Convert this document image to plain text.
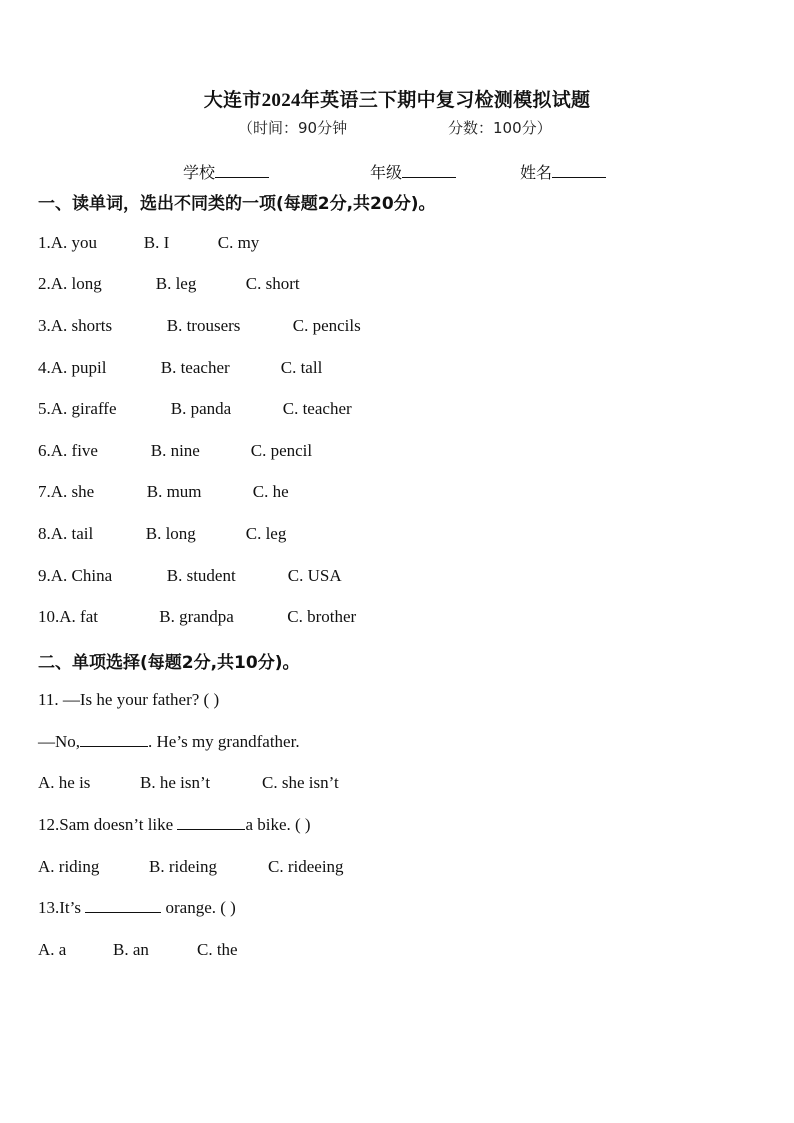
大连市2024年英语三下期中复习检测模拟试题
（时间：90分钟	分数：100分）
学校	年级	姓名
一、读单词，选出不同类的一项(每题2分,共20分)。
1.A. you	B. I	C. my
2.A. long	B. leg	C. short
3.A. shorts	B. trousers	C. pencils
4.A. pupil	B. teacher	C. tall
5.A. giraffe	B. panda	C. teacher
6.A. five	B. nine	C. pencil
7.A. she	B. mum	C. he
8.A. tail	B. long	C. leg
9.A. China	B. student	C. USA
10.A. fat	B. grandpa	C. brother
二、单项选择(每题2分,共10分)。
11. —Is he your father? ( )
—No,	. He’s my grandfather.
A. he is	B. he isn’t	C. she isn’t
12.Sam doesn’t like	a bike. ( )
A. riding	B. rideing	C. rideeing
13.It’s	orange. ( )
A. a	B. an	C. the
